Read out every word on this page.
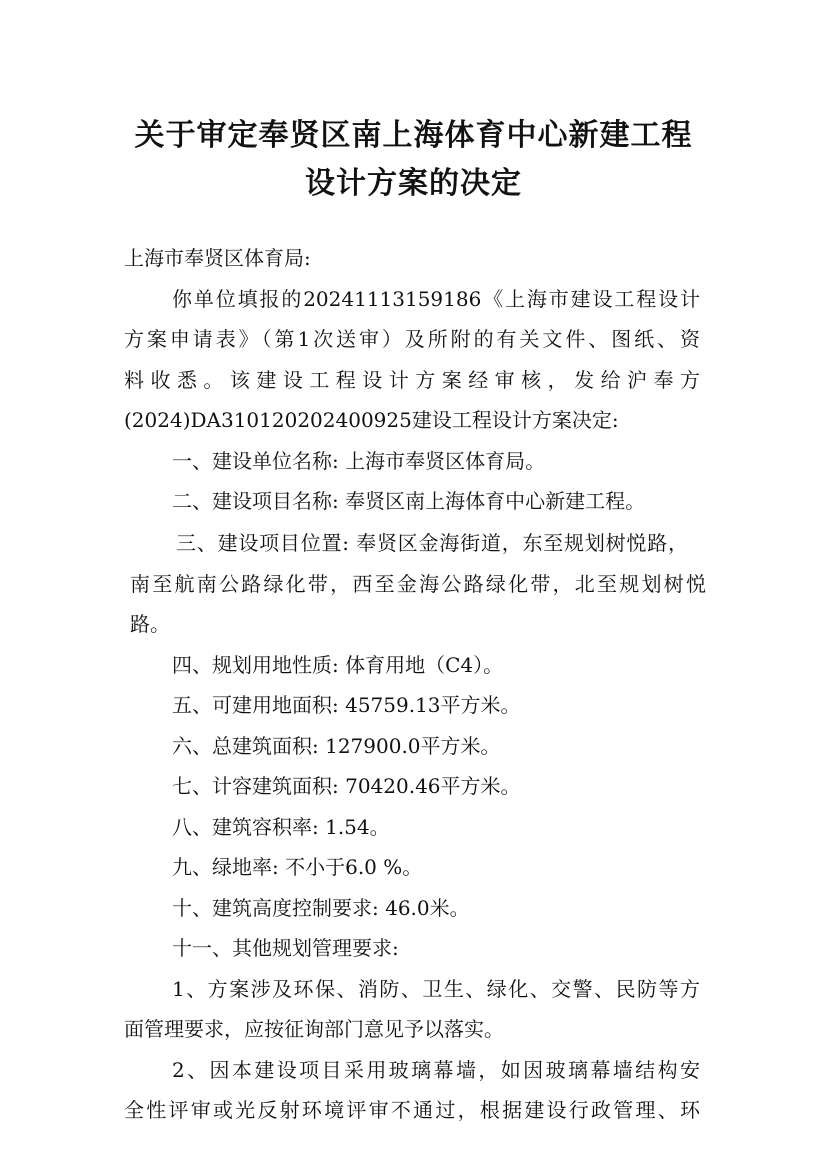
关于审定奉贤区南上海体育中心新建工程
设计方案的决定
上海市奉贤区体育局:
你单位填报的20241113159186《上海市建设工程设计
方案申请表》（第1次送审）及所附的有关文件、图纸、资
料收悉。该建设工程设计方案经审核，发给沪奉方
(2024)DA310120202400925建设工程设计方案决定:
一、建设单位名称: 上海市奉贤区体育局。
二、建设项目名称: 奉贤区南上海体育中心新建工程。
三、建设项目位置: 奉贤区金海街道，东至规划树悦路，
南至航南公路绿化带，西至金海公路绿化带，北至规划树悦
路。
四、规划用地性质: 体育用地（C4）。
五、可建用地面积: 45759.13平方米。
六、总建筑面积: 127900.0平方米。
七、计容建筑面积: 70420.46平方米。
八、建筑容积率: 1.54。
九、绿地率: 不小于6.0 %。
十、建筑高度控制要求: 46.0米。
十一、其他规划管理要求:
1、方案涉及环保、消防、卫生、绿化、交警、民防等方
面管理要求，应按征询部门意见予以落实。
2、因本建设项目采用玻璃幕墙，如因玻璃幕墙结构安
全性评审或光反射环境评审不通过，根据建设行政管理、环
